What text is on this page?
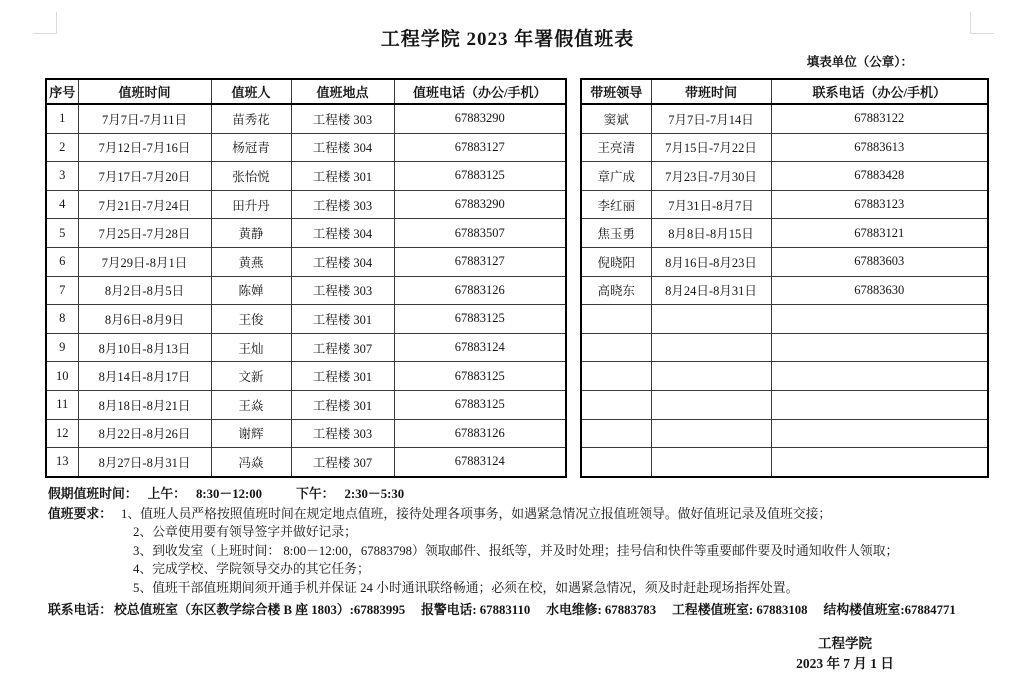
工程学院 2023 年署假值班表
填表单位（公章）：
序号	值班时间	值班人	值班地点	值班电话（办公/手机）
1	7月7日-7月11日	苗秀花	工程楼 303	67883290
2	7月12日-7月16日	杨冠青	工程楼 304	67883127
3	7月17日-7月20日	张怡悦	工程楼 301	67883125
4	7月21日-7月24日	田升丹	工程楼 303	67883290
5	7月25日-7月28日	黄静	工程楼 304	67883507
6	7月29日-8月1日	黄燕	工程楼 304	67883127
7	8月2日-8月5日	陈婵	工程楼 303	67883126
8	8月6日-8月9日	王俊	工程楼 301	67883125
9	8月10日-8月13日	王灿	工程楼 307	67883124
10	8月14日-8月17日	文新	工程楼 301	67883125
11	8月18日-8月21日	王焱	工程楼 301	67883125
12	8月22日-8月26日	谢辉	工程楼 303	67883126
13	8月27日-8月31日	冯焱	工程楼 307	67883124
带班领导	带班时间	联系电话（办公/手机）
窦斌	7月7日-7月14日	67883122
王亮清	7月15日-7月22日	67883613
章广成	7月23日-7月30日	67883428
李红丽	7月31日-8月7日	67883123
焦玉勇	8月8日-8月15日	67883121
倪晓阳	8月16日-8月23日	67883603
高晓东	8月24日-8月31日	67883630

假期值班时间： 上午： 8:30－12:00	下午： 2:30－5:30
值班要求： 1、值班人员严格按照值班时间在规定地点值班，接待处理各项事务，如遇紧急情况立报值班领导。做好值班记录及值班交接；
2、公章使用要有领导签字并做好记录；
3、到收发室（上班时间： 8:00－12:00，67883798）领取邮件、报纸等，并及时处理；挂号信和快件等重要邮件要及时通知收件人领取；
4、完成学校、学院领导交办的其它任务；
5、值班干部值班期间须开通手机并保证 24 小时通讯联络畅通；必须在校，如遇紧急情况，须及时赶赴现场指挥处置。
联系电话： 校总值班室（东区教学综合楼 B 座 1803）:67883995 报警电话: 67883110 水电维修: 67883783 工程楼值班室: 67883108 结构楼值班室:67884771
工程学院
2023 年 7 月 1 日
